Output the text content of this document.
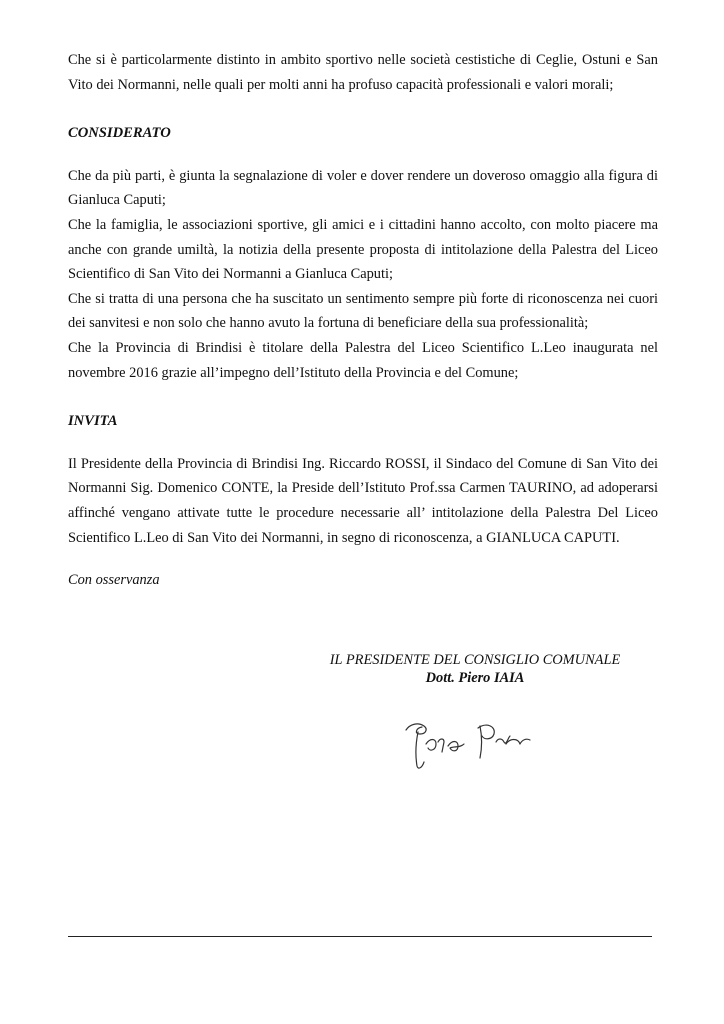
Che si è particolarmente distinto in ambito sportivo nelle società cestistiche di Ceglie, Ostuni e San Vito dei Normanni, nelle quali per molti anni ha profuso capacità professionali e valori morali;

CONSIDERATO

Che da più parti, è giunta la segnalazione di voler e dover rendere un doveroso omaggio alla figura di Gianluca Caputi;

Che la famiglia, le associazioni sportive, gli amici e i cittadini hanno accolto, con molto piacere ma anche con grande umiltà, la notizia della presente proposta di intitolazione della Palestra del Liceo Scientifico di San Vito dei Normanni a Gianluca Caputi;

Che si tratta di una persona che ha suscitato un sentimento sempre più forte di riconoscenza nei cuori dei sanvitesi e non solo che hanno avuto la fortuna di beneficiare della sua professionalità;

Che la Provincia di Brindisi è titolare della Palestra del Liceo Scientifico L.Leo inaugurata nel novembre 2016 grazie all’impegno dell’Istituto della Provincia e del Comune;

INVITA

Il Presidente della Provincia di Brindisi Ing. Riccardo ROSSI, il Sindaco del Comune di San Vito dei Normanni Sig. Domenico CONTE, la Preside dell’Istituto Prof.ssa Carmen TAURINO, ad adoperarsi affinché vengano attivate tutte le procedure necessarie all’ intitolazione della Palestra Del Liceo Scientifico L.Leo di San Vito dei Normanni, in segno di riconoscenza, a GIANLUCA CAPUTI.

Con osservanza

IL PRESIDENTE DEL CONSIGLIO COMUNALE

Dott. Piero IAIA
